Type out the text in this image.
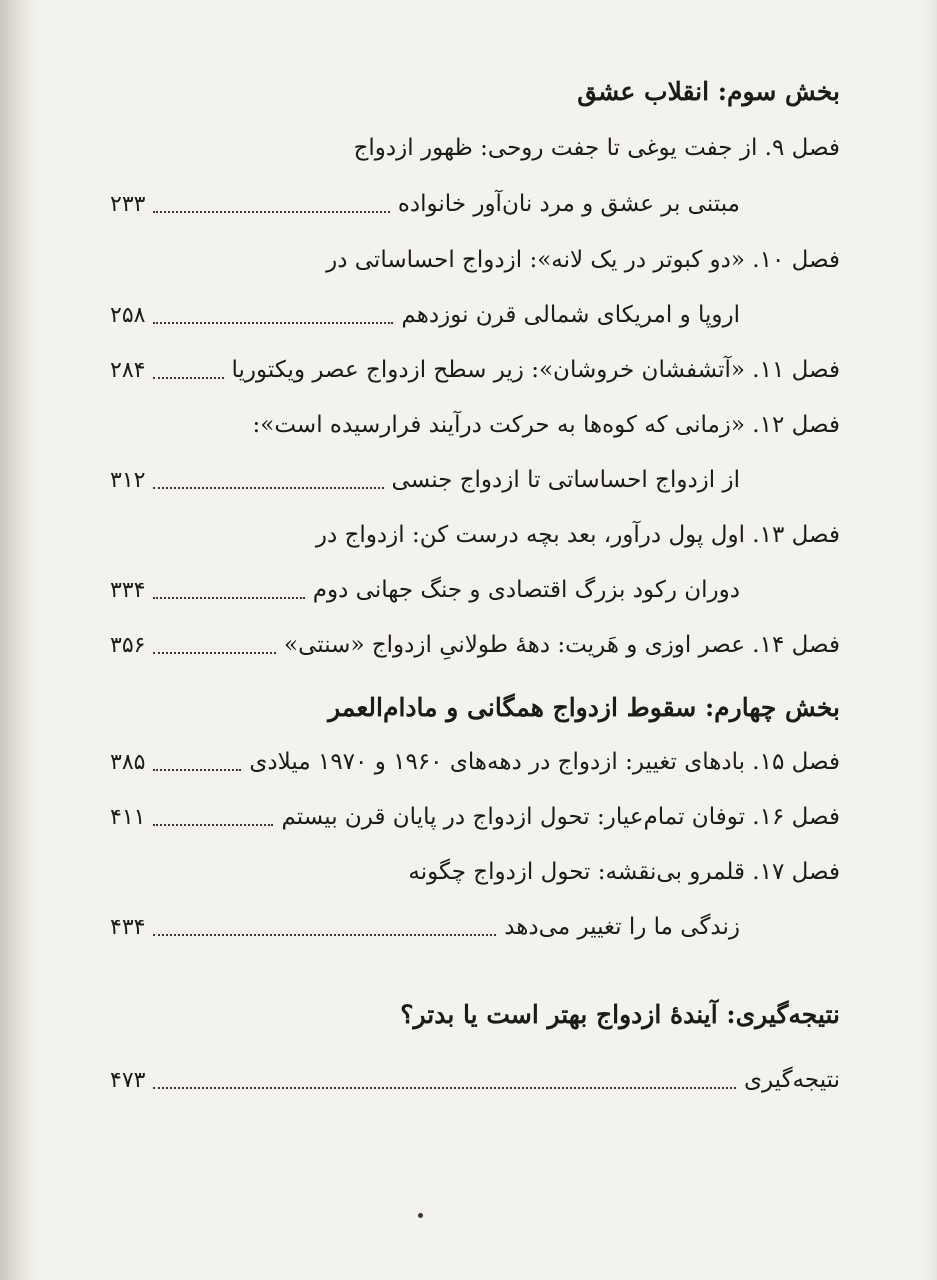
بخش سوم: انقلاب عشق
فصل ۹. از جفت یوغی تا جفت روحی: ظهور ازدواج
مبتنی بر عشق و مرد نان‌آور خانواده
۲۳۳
فصل ۱۰. «دو کبوتر در یک لانه»: ازدواج احساساتی در
اروپا و امریکای شمالی قرن نوزدهم
۲۵۸
فصل ۱۱. «آتشفشان خروشان»: زیر سطح ازدواج عصر ویکتوریا
۲۸۴
فصل ۱۲. «زمانی که کوه‌ها به حرکت درآیند فرارسیده است»:
از ازدواج احساساتی تا ازدواج جنسی
۳۱۲
فصل ۱۳. اول پول درآور، بعد بچه درست کن: ازدواج در
دوران رکود بزرگ اقتصادی و جنگ جهانی دوم
۳۳۴
فصل ۱۴. عصر اوزی و هَریت: دهۀ طولانیِ ازدواج «سنتی»
۳۵۶
بخش چهارم: سقوط ازدواج همگانی و مادام‌العمر
فصل ۱۵. بادهای تغییر: ازدواج در دهه‌های ۱۹۶۰ و ۱۹۷۰ میلادی
۳۸۵
فصل ۱۶. توفان تمام‌عیار: تحول ازدواج در پایان قرن بیستم
۴۱۱
فصل ۱۷. قلمرو بی‌نقشه: تحول ازدواج چگونه
زندگی ما را تغییر می‌دهد
۴۳۴
نتیجه‌گیری: آیندۀ ازدواج بهتر است یا بدتر؟
نتیجه‌گیری
۴۷۳
